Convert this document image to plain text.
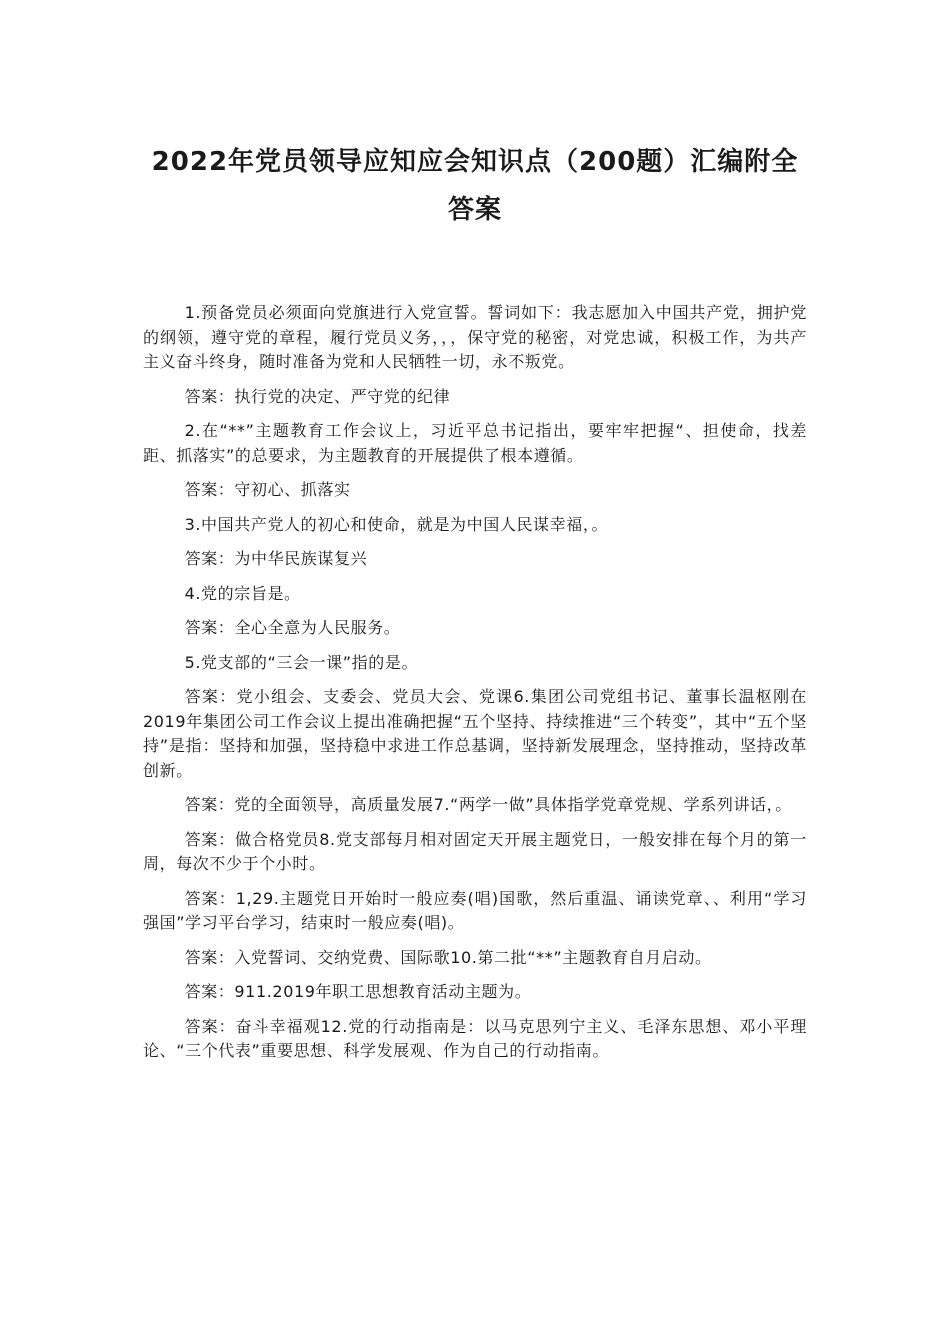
2022年党员领导应知应会知识点（200题）汇编附全答案

1.预备党员必须面向党旗进行入党宣誓。誓词如下：我志愿加入中国共产党，拥护党的纲领，遵守党的章程，履行党员义务，，，保守党的秘密，对党忠诚，积极工作，为共产主义奋斗终身，随时准备为党和人民牺牲一切，永不叛党。

答案：执行党的决定、严守党的纪律

2.在“**”主题教育工作会议上，习近平总书记指出，要牢牢把握“、担使命，找差距、抓落实”的总要求，为主题教育的开展提供了根本遵循。

答案：守初心、抓落实

3.中国共产党人的初心和使命，就是为中国人民谋幸福，。

答案：为中华民族谋复兴

4.党的宗旨是。

答案：全心全意为人民服务。

5.党支部的“三会一课”指的是。

答案：党小组会、支委会、党员大会、党课6.集团公司党组书记、董事长温枢刚在2019年集团公司工作会议上提出准确把握“五个坚持、持续推进“三个转变”，其中“五个坚持”是指：坚持和加强，坚持稳中求进工作总基调，坚持新发展理念，坚持推动，坚持改革创新。

答案：党的全面领导，高质量发展7.“两学一做”具体指学党章党规、学系列讲话，。

答案：做合格党员8.党支部每月相对固定天开展主题党日，一般安排在每个月的第一周，每次不少于个小时。

答案：1,29.主题党日开始时一般应奏(唱)国歌，然后重温、诵读党章、、利用“学习强国”学习平台学习，结束时一般应奏(唱)。

答案：入党誓词、交纳党费、国际歌10.第二批“**”主题教育自月启动。

答案：911.2019年职工思想教育活动主题为。

答案：奋斗幸福观12.党的行动指南是：以马克思列宁主义、毛泽东思想、邓小平理论、“三个代表”重要思想、科学发展观、作为自己的行动指南。
